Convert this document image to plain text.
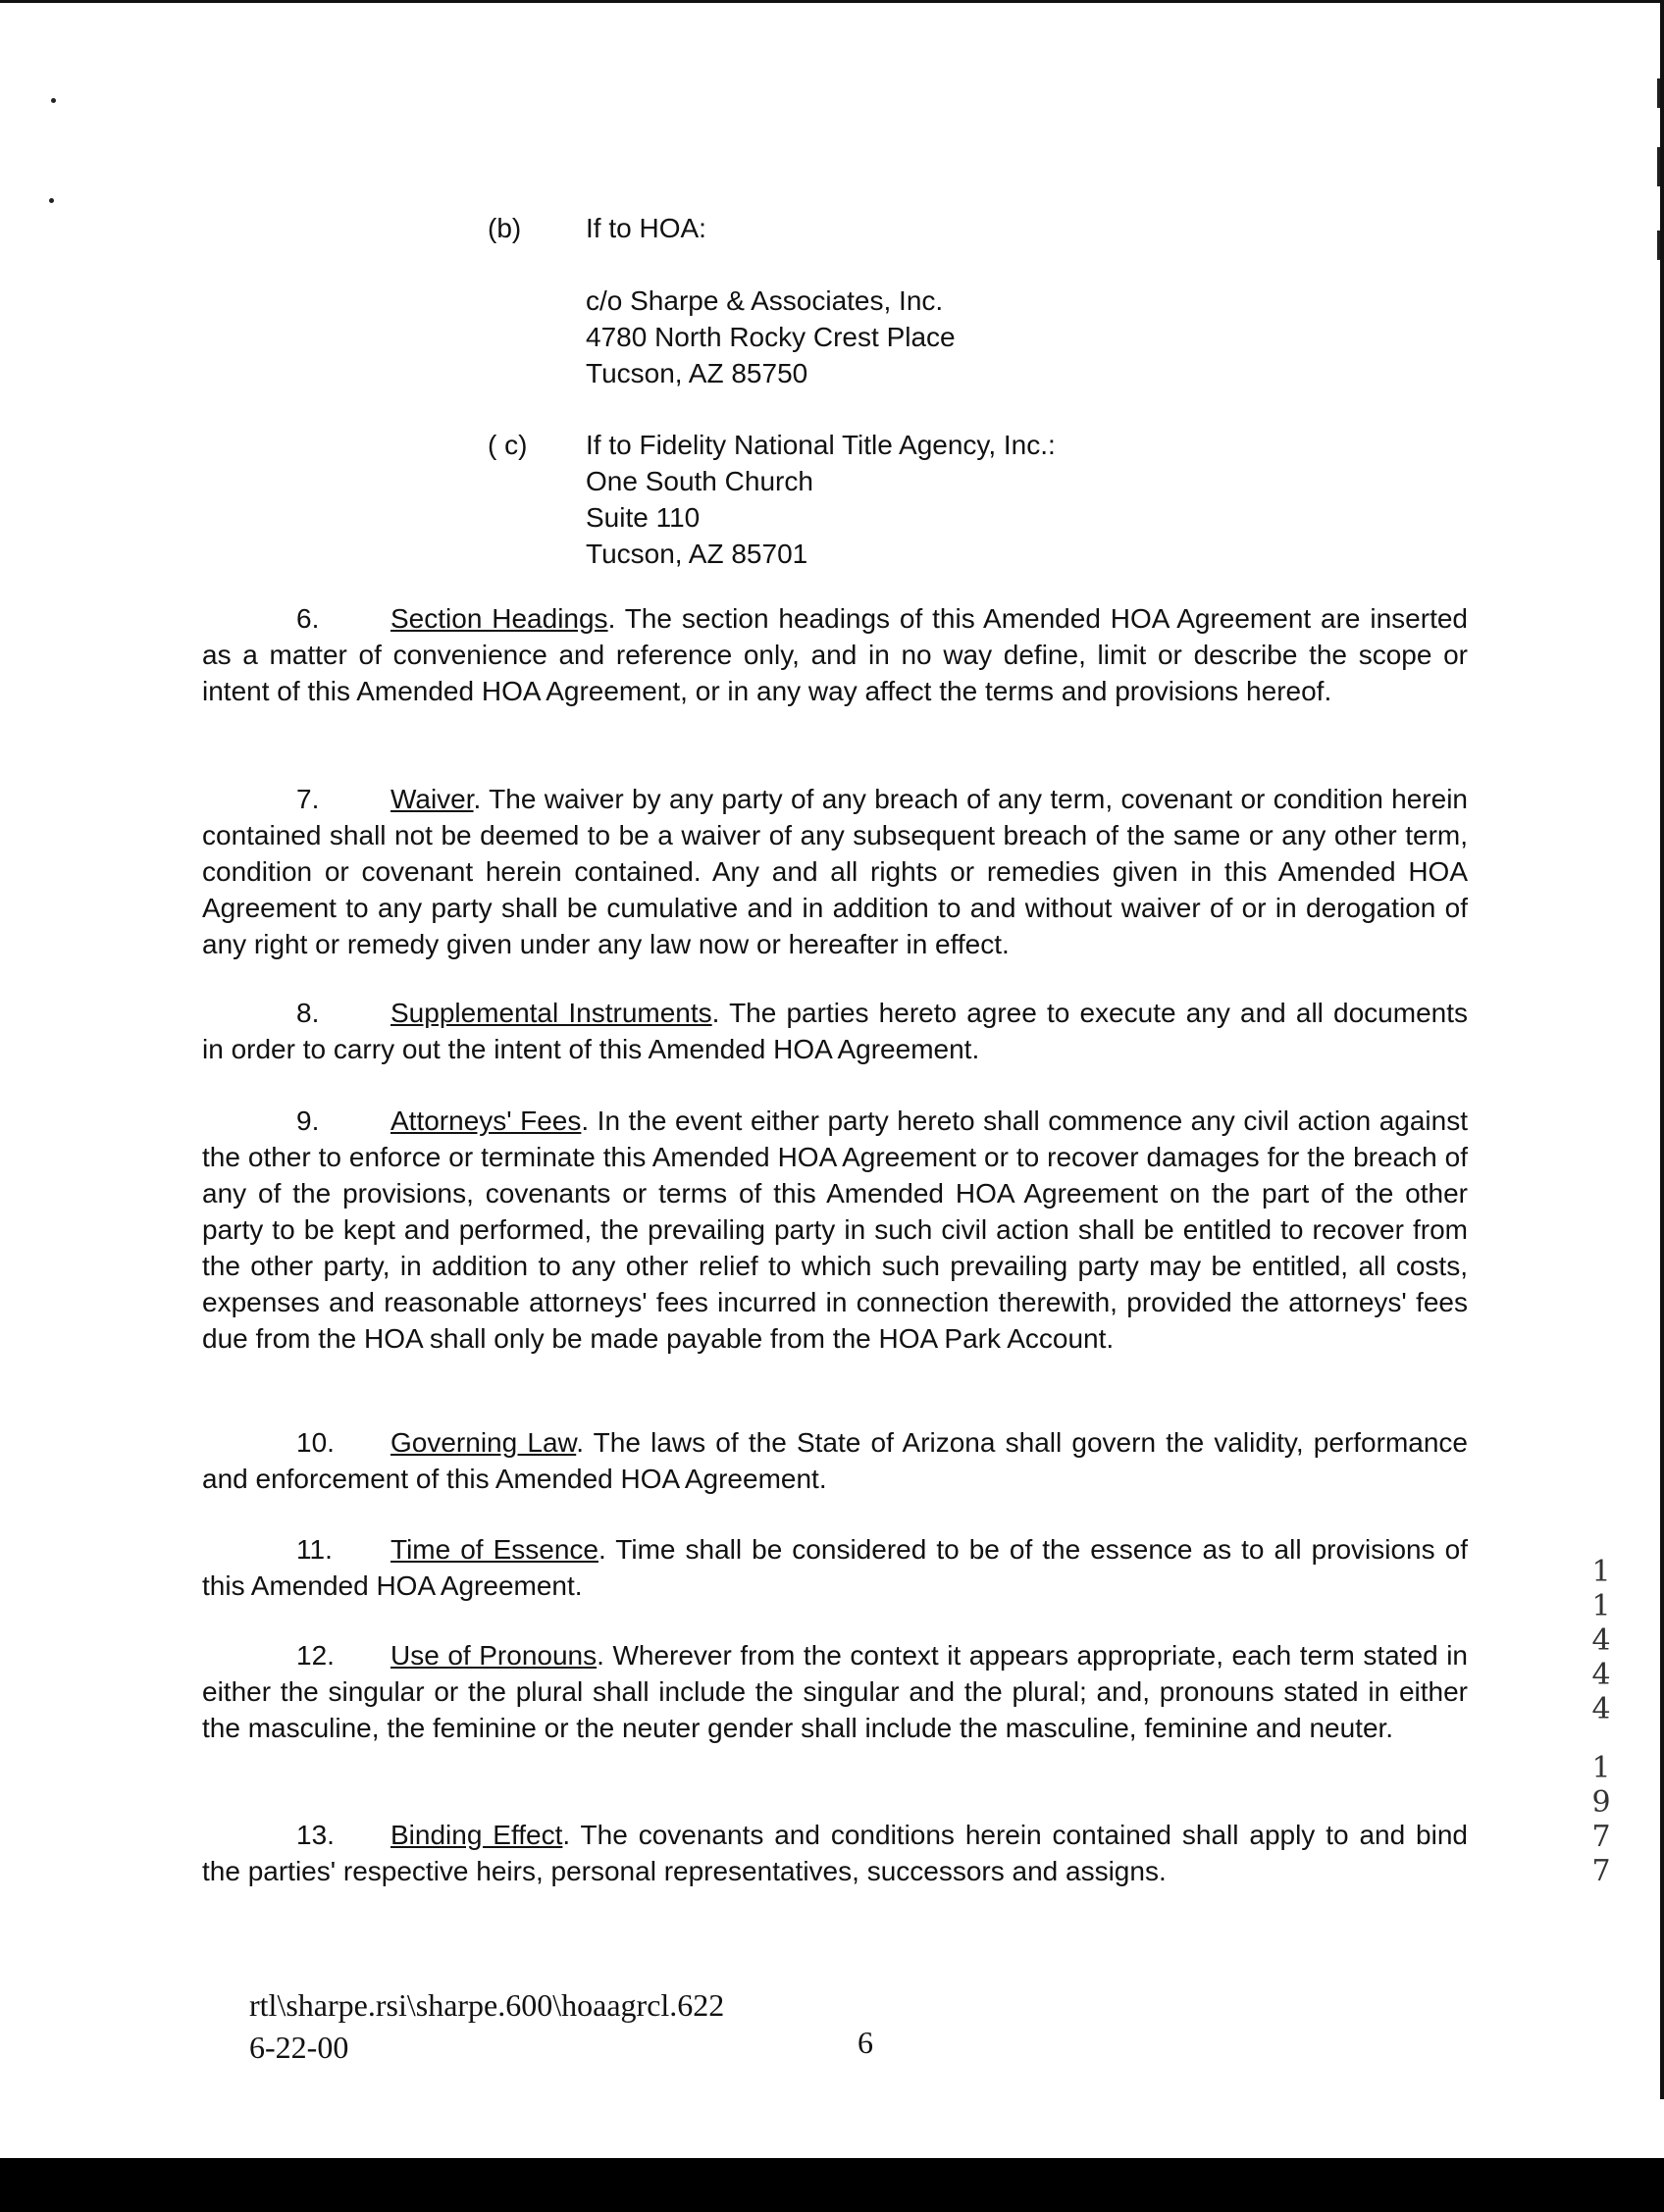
(b) If to HOA:
c/o Sharpe & Associates, Inc.
4780 North Rocky Crest Place
Tucson, AZ 85750
( c) If to Fidelity National Title Agency, Inc.:
One South Church
Suite 110
Tucson, AZ 85701
6.	Section Headings. The section headings of this Amended HOA Agreement are inserted as a matter of convenience and reference only, and in no way define, limit or describe the scope or intent of this Amended HOA Agreement, or in any way affect the terms and provisions hereof.
7.	Waiver. The waiver by any party of any breach of any term, covenant or condition herein contained shall not be deemed to be a waiver of any subsequent breach of the same or any other term, condition or covenant herein contained. Any and all rights or remedies given in this Amended HOA Agreement to any party shall be cumulative and in addition to and without waiver of or in derogation of any right or remedy given under any law now or hereafter in effect.
8.	Supplemental Instruments. The parties hereto agree to execute any and all documents in order to carry out the intent of this Amended HOA Agreement.
9.	Attorneys' Fees. In the event either party hereto shall commence any civil action against the other to enforce or terminate this Amended HOA Agreement or to recover damages for the breach of any of the provisions, covenants or terms of this Amended HOA Agreement on the part of the other party to be kept and performed, the prevailing party in such civil action shall be entitled to recover from the other party, in addition to any other relief to which such prevailing party may be entitled, all costs, expenses and reasonable attorneys' fees incurred in connection therewith, provided the attorneys' fees due from the HOA shall only be made payable from the HOA Park Account.
10. Governing Law. The laws of the State of Arizona shall govern the validity, performance and enforcement of this Amended HOA Agreement.
11. Time of Essence. Time shall be considered to be of the essence as to all provisions of this Amended HOA Agreement.
12. Use of Pronouns. Wherever from the context it appears appropriate, each term stated in either the singular or the plural shall include the singular and the plural; and, pronouns stated in either the masculine, the feminine or the neuter gender shall include the masculine, feminine and neuter.
13. Binding Effect. The covenants and conditions herein contained shall apply to and bind the parties' respective heirs, personal representatives, successors and assigns.
1
1
4
4
4
1
9
7
7
rtl\sharpe.rsi\sharpe.600\hoaagrcl.622
6-22-00	6
